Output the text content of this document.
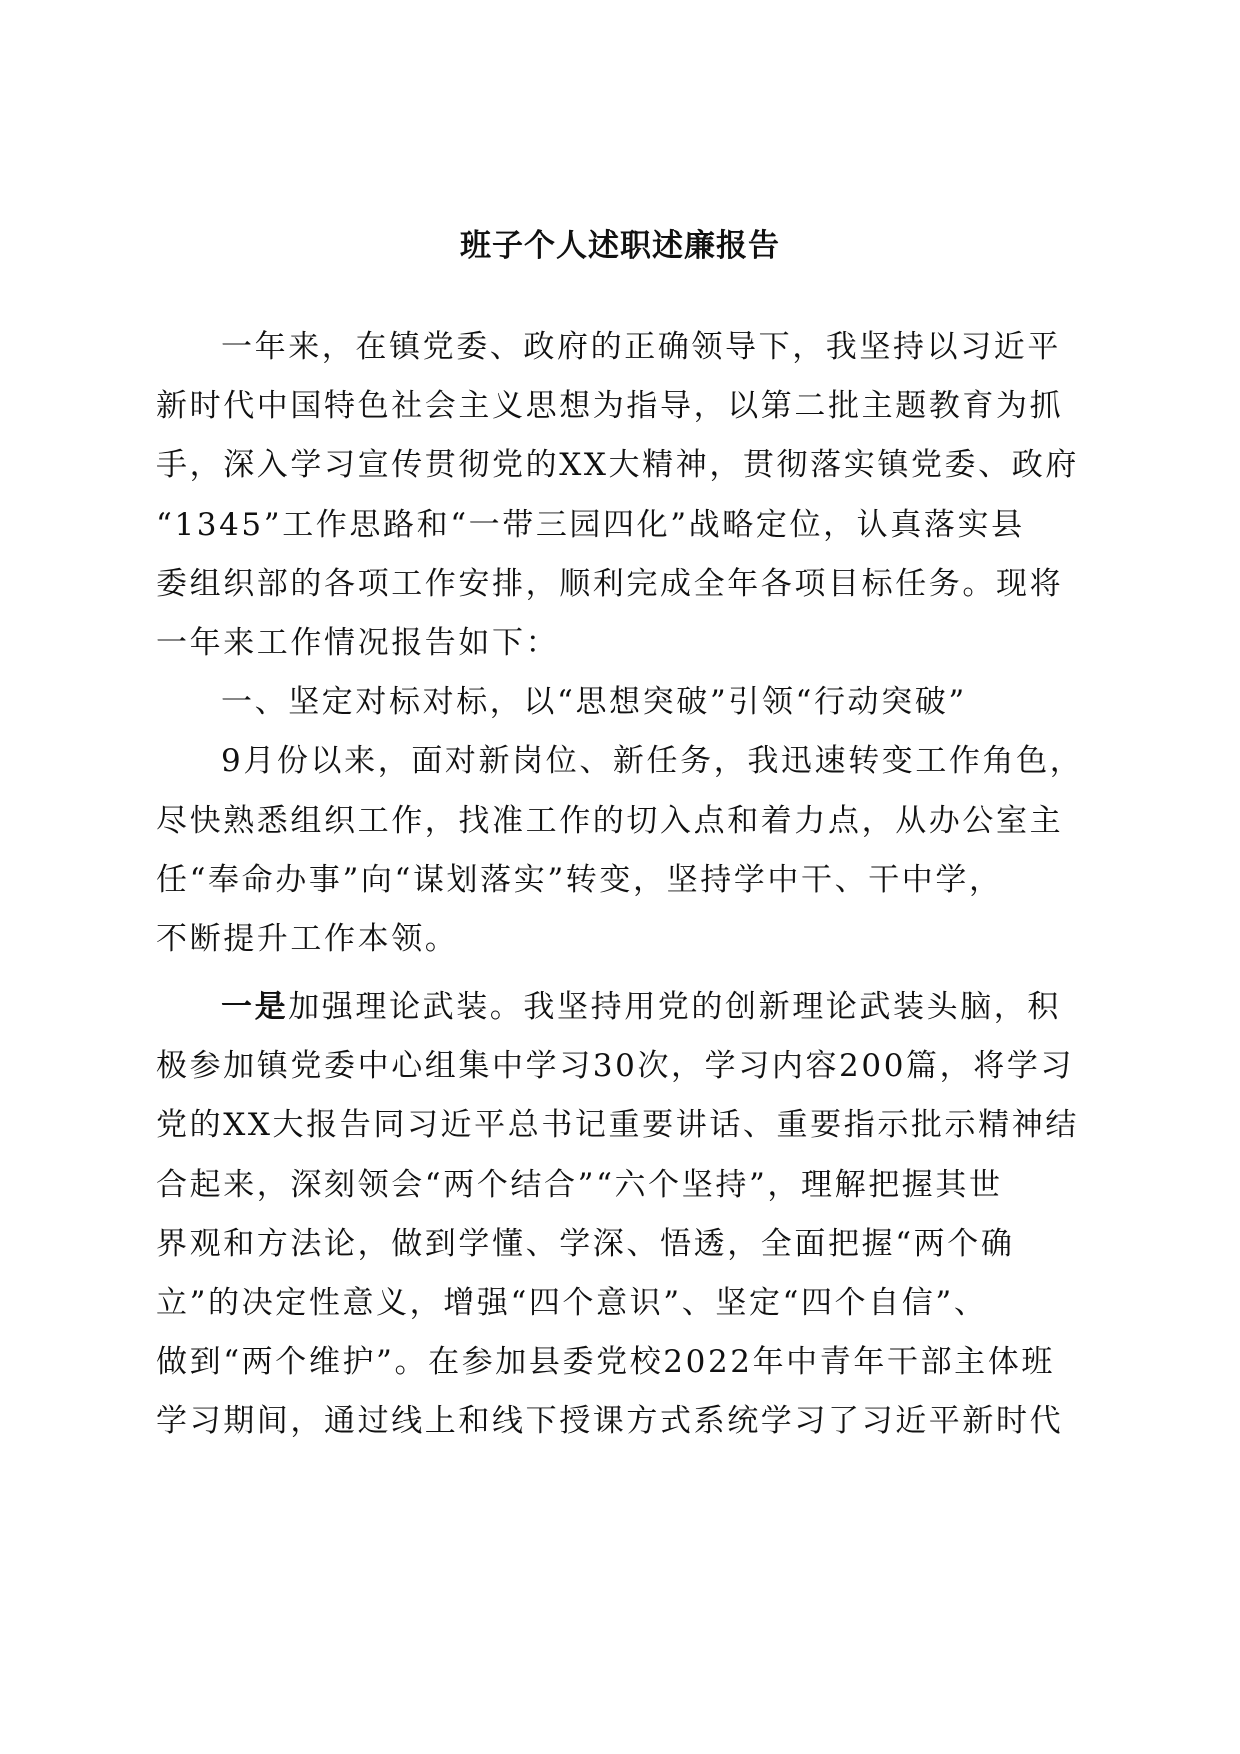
班子个人述职述廉报告
一年来，在镇党委、政府的正确领导下，我坚持以习近平
新时代中国特色社会主义思想为指导，以第二批主题教育为抓
手，深入学习宣传贯彻党的XX大精神，贯彻落实镇党委、政府
“1345”工作思路和“一带三园四化”战略定位，认真落实县
委组织部的各项工作安排，顺利完成全年各项目标任务。现将
一年来工作情况报告如下：
一、坚定对标对标，以“思想突破”引领“行动突破”
9月份以来，面对新岗位、新任务，我迅速转变工作角色，
尽快熟悉组织工作，找准工作的切入点和着力点，从办公室主
任“奉命办事”向“谋划落实”转变，坚持学中干、干中学，
不断提升工作本领。
一是加强理论武装。我坚持用党的创新理论武装头脑，积
极参加镇党委中心组集中学习30次，学习内容200篇，将学习
党的XX大报告同习近平总书记重要讲话、重要指示批示精神结
合起来，深刻领会“两个结合”“六个坚持”，理解把握其世
界观和方法论，做到学懂、学深、悟透，全面把握“两个确
立”的决定性意义，增强“四个意识”、坚定“四个自信”、
做到“两个维护”。在参加县委党校2022年中青年干部主体班
学习期间，通过线上和线下授课方式系统学习了习近平新时代
